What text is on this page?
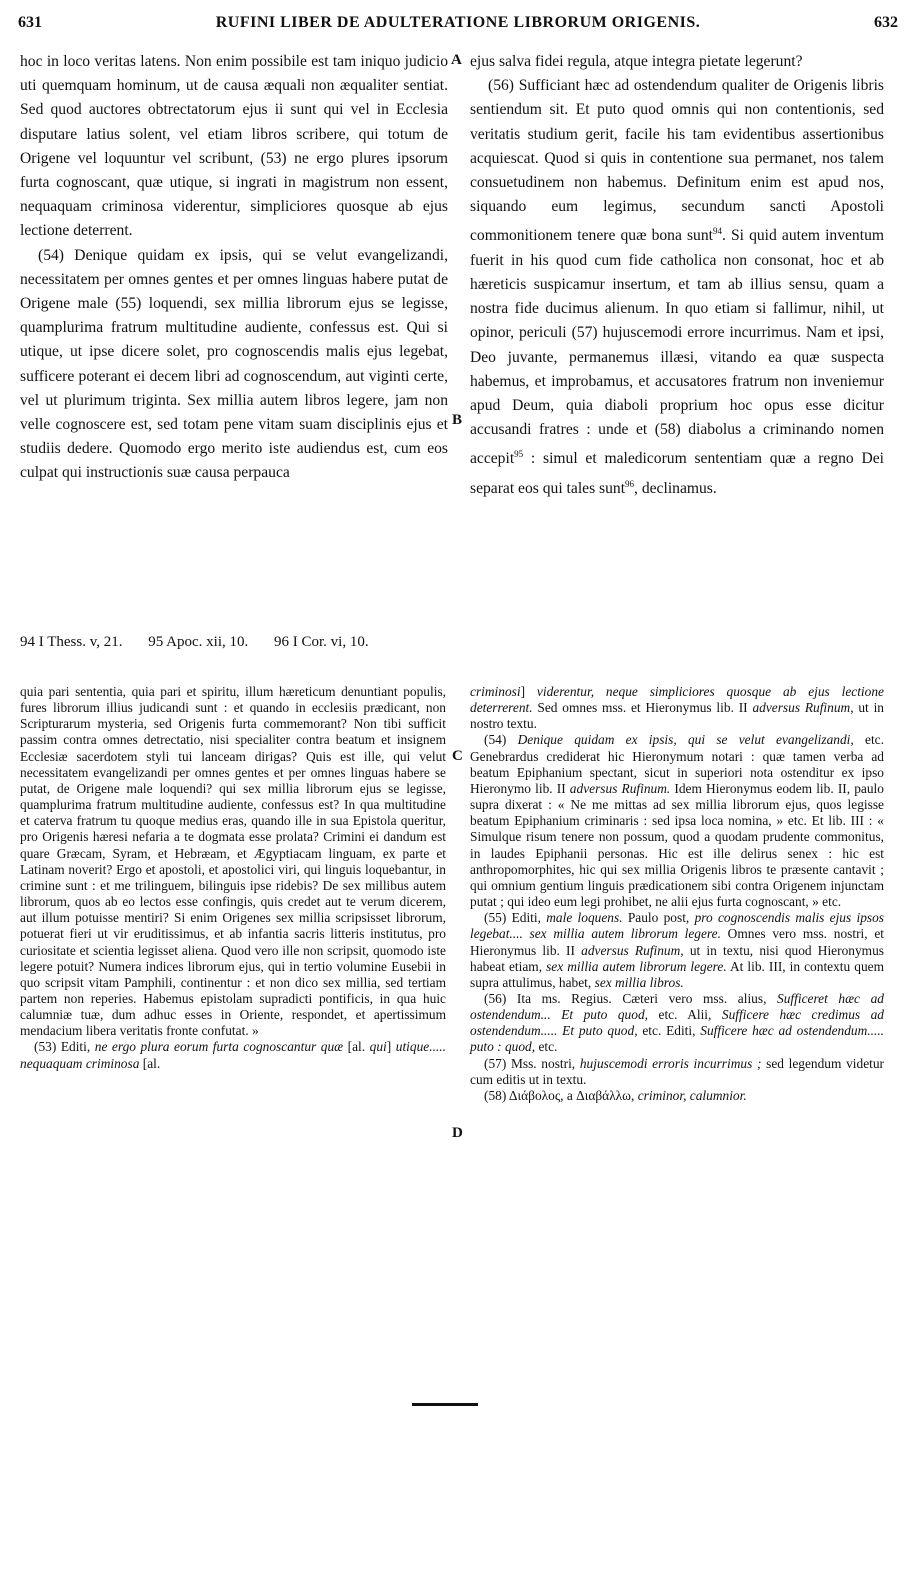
631	RUFINI LIBER DE ADULTERATIONE LIBRORUM ORIGENIS.	632

hoc in loco veritas latens. Non enim possibile est tam iniquo judicio uti quemquam hominum, ut de causa æquali non æqualiter sentiat. Sed quod auctores obtrectatorum ejus ii sunt qui vel in Ecclesia disputare latius solent, vel etiam libros scribere, qui totum de Origene vel loquuntur vel scribunt, (53) ne ergo plures ipsorum furta cognoscant, quæ utique, si ingrati in magistrum non essent, nequaquam criminosa viderentur, simpliciores quosque ab ejus lectione deterrent.

(54) Denique quidam ex ipsis, qui se velut evangelizandi, necessitatem per omnes gentes et per omnes linguas habere putat de Origene male (55) loquendi, sex millia librorum ejus se legisse, quamplurima fratrum multitudine audiente, confessus est. Qui si utique, ut ipse dicere solet, pro cognoscendis malis ejus legebat, sufficere poterant ei decem libri ad cognoscendum, aut viginti certe, vel ut plurimum triginta. Sex millia autem libros legere, jam non velle cognoscere est, sed totam pene vitam suam disciplinis ejus et studiis dedere. Quomodo ergo merito iste audiendus est, cum eos culpat qui instructionis suæ causa perpauca

A
B

ejus salva fidei regula, atque integra pietate legerunt?

(56) Sufficiant hæc ad ostendendum qualiter de Origenis libris sentiendum sit. Et puto quod omnis qui non contentionis, sed veritatis studium gerit, facile his tam evidentibus assertionibus acquiescat. Quod si quis in contentione sua permanet, nos talem consuetudinem non habemus. Definitum enim est apud nos, siquando eum legimus, secundum sancti Apostoli commonitionem tenere quæ bona sunt$^{94}$. Si quid autem inventum fuerit in his quod cum fide catholica non consonat, hoc et ab hæreticis suspicamur insertum, et tam ab illius sensu, quam a nostra fide ducimus alienum. In quo etiam si fallimur, nihil, ut opinor, periculi (57) hujuscemodi errore incurrimus. Nam et ipsi, Deo juvante, permanemus illæsi, vitando ea quæ suspecta habemus, et improbamus, et accusatores fratrum non inveniemur apud Deum, quia diaboli proprium hoc opus esse dicitur accusandi fratres : unde et (58) diabolus a criminando nomen accepit$^{95}$ : simul et maledicorum sententiam quæ a regno Dei separat eos qui tales sunt$^{96}$, declinamus.

94 I Thess. v, 21. 95 Apoc. xii, 10. 96 I Cor. vi, 10.

quia pari sententia, quia pari et spiritu, illum hæreticum denuntiant populis, fures librorum illius judicandi sunt : et quando in ecclesiis prædicant, non Scripturarum mysteria, sed Origenis furta commemorant? Non tibi sufficit passim contra omnes detrectatio, nisi specialiter contra beatum et insignem Ecclesiæ sacerdotem styli tui lanceam dirigas? Quis est ille, qui velut necessitatem evangelizandi per omnes gentes et per omnes linguas habere se putat, de Origene male loquendi? qui sex millia librorum ejus se legisse, quamplurima fratrum multitudine audiente, confessus est? In qua multitudine et caterva fratrum tu quoque medius eras, quando ille in sua Epistola queritur, pro Origenis hæresi nefaria a te dogmata esse prolata? Crimini ei dandum est quare Græcam, Syram, et Hebræam, et Ægyptiacam linguam, ex parte et Latinam noverit? Ergo et apostoli, et apostolici viri, qui linguis loquebantur, in crimine sunt : et me trilinguem, bilinguis ipse ridebis? De sex millibus autem librorum, quos ab eo lectos esse confingis, quis credet aut te verum dicerem, aut illum potuisse mentiri? Si enim Origenes sex millia scripsisset librorum, potuerat fieri ut vir eruditissimus, et ab infantia sacris litteris institutus, pro curiositate et scientia legisset aliena. Quod vero ille non scripsit, quomodo iste legere potuit? Numera indices librorum ejus, qui in tertio volumine Eusebii in quo scripsit vitam Pamphili, continentur : et non dico sex millia, sed tertiam partem non reperies. Habemus epistolam supradicti pontificis, in qua huic calumniæ tuæ, dum adhuc esses in Oriente, respondet, et apertissimum mendacium libera veritatis fronte confutat. »

(53) Editi, ne ergo plura eorum furta cognoscantur quæ [al. qui] utique..... nequaquam criminosa [al.

C
D

criminosi] viderentur, neque simpliciores quosque ab ejus lectione deterrerent. Sed omnes mss. et Hieronymus lib. II adversus Rufinum, ut in nostro textu.

(54) Denique quidam ex ipsis, qui se velut evangelizandi, etc. Genebrardus crediderat hic Hieronymum notari : quæ tamen verba ad beatum Epiphanium spectant, sicut in superiori nota ostenditur ex ipso Hieronymo lib. II adversus Rufinum. Idem Hieronymus eodem lib. II, paulo supra dixerat : « Ne me mittas ad sex millia librorum ejus, quos legisse beatum Epiphanium criminaris : sed ipsa loca nomina, » etc. Et lib. III : « Simulque risum tenere non possum, quod a quodam prudente commonitus, in laudes Epiphanii personas. Hic est ille delirus senex : hic est anthropomorphites, hic qui sex millia Origenis libros te præsente cantavit ; qui omnium gentium linguis prædicationem sibi contra Origenem injunctam putat ; qui ideo eum legi prohibet, ne alii ejus furta cognoscant, » etc.

(55) Editi, male loquens. Paulo post, pro cognoscendis malis ejus ipsos legebat.... sex millia autem librorum legere. Omnes vero mss. nostri, et Hieronymus lib. II adversus Rufinum, ut in textu, nisi quod Hieronymus habeat etiam, sex millia autem librorum legere. At lib. III, in contextu quem supra attulimus, habet, sex millia libros.

(56) Ita ms. Regius. Cæteri vero mss. alius, Sufficeret hæc ad ostendendum... Et puto quod, etc. Alii, Sufficere hæc credimus ad ostendendum..... Et puto quod, etc. Editi, Sufficere hæc ad ostendendum..... puto : quod, etc.

(57) Mss. nostri, hujuscemodi erroris incurrimus ; sed legendum videtur cum editis ut in textu.

(58) Διάβολος, a Διαβάλλω, criminor, calumnior.
